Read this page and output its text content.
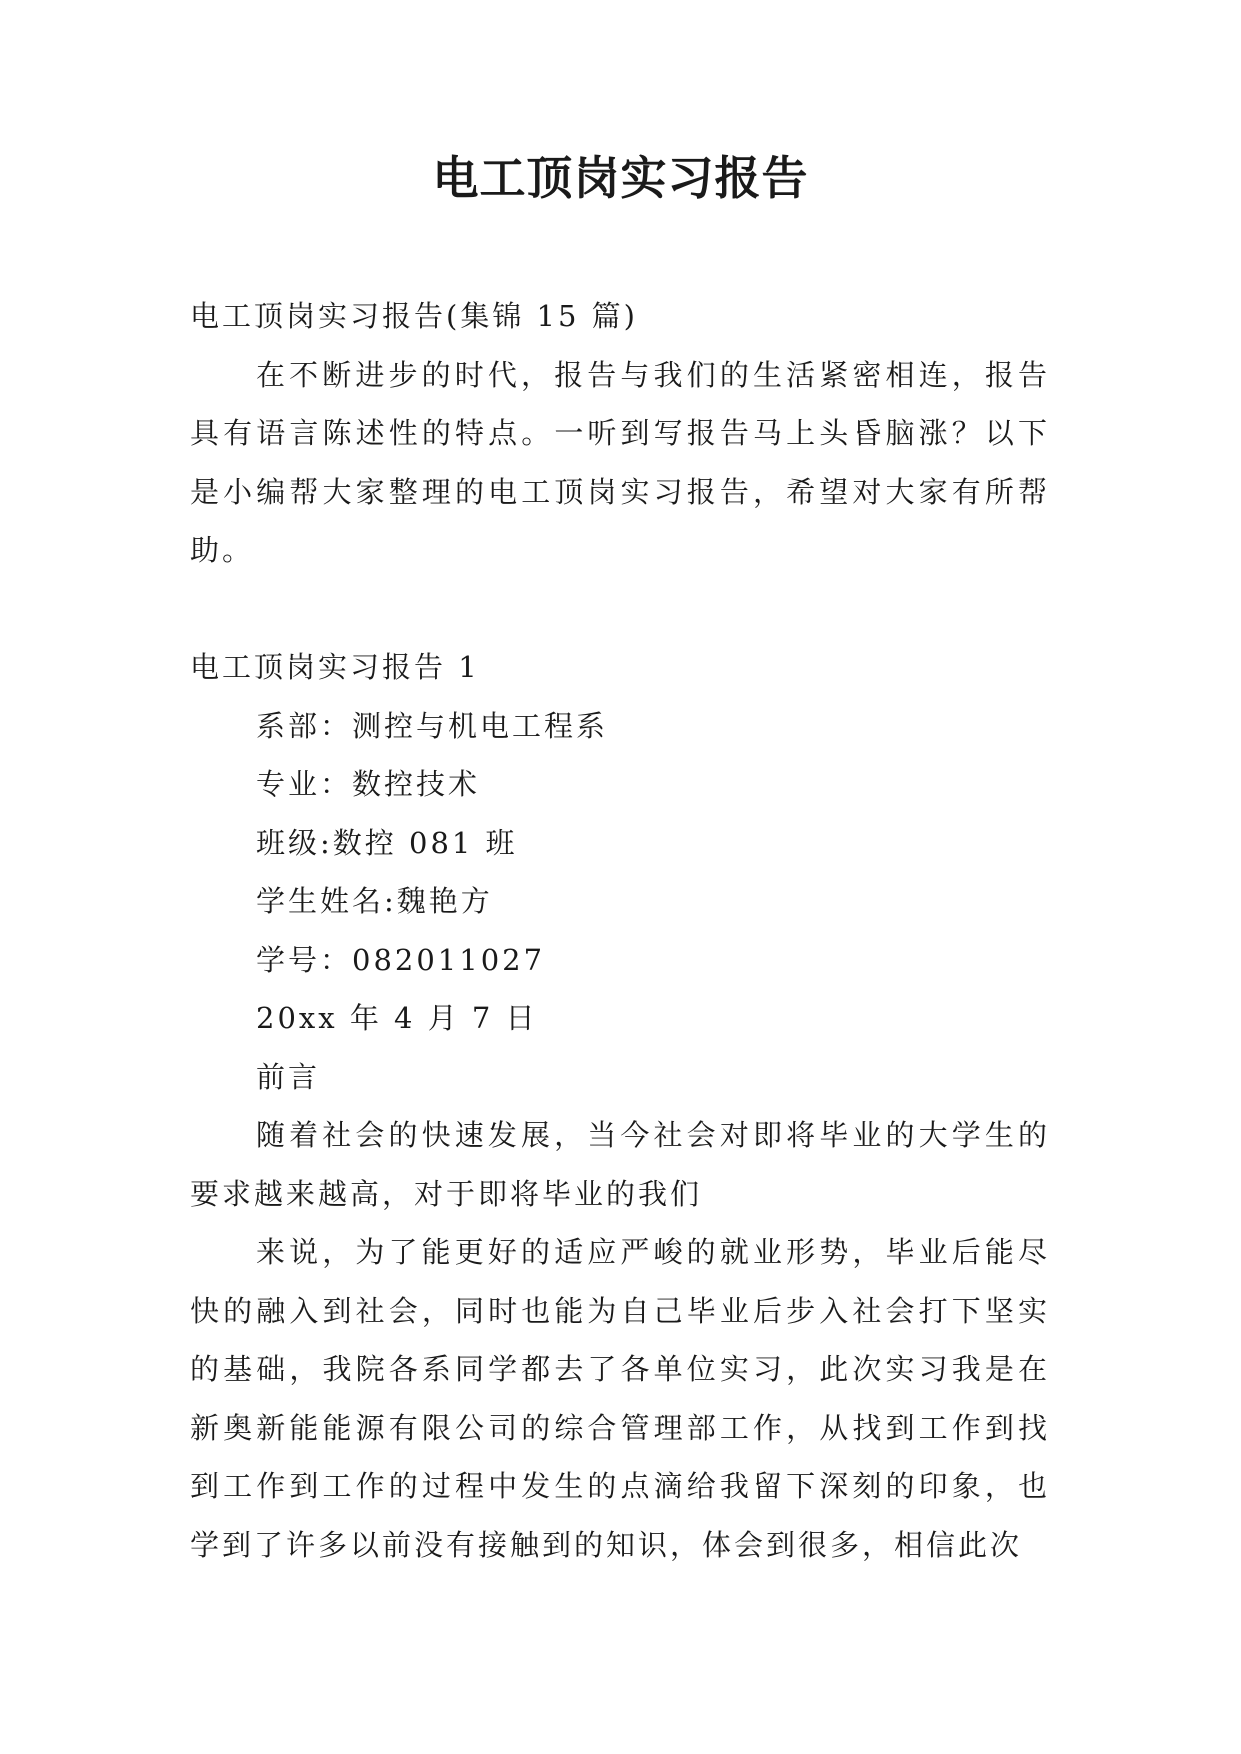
电工顶岗实习报告

电工顶岗实习报告(集锦 15 篇)

在不断进步的时代，报告与我们的生活紧密相连，报告具有语言陈述性的特点。一听到写报告马上头昏脑涨？以下是小编帮大家整理的电工顶岗实习报告，希望对大家有所帮助。

电工顶岗实习报告 1

系部：测控与机电工程系

专业：数控技术

班级:数控 081 班

学生姓名:魏艳方

学号：082011027

20xx 年 4 月 7 日

前言

随着社会的快速发展，当今社会对即将毕业的大学生的要求越来越高，对于即将毕业的我们

来说，为了能更好的适应严峻的就业形势，毕业后能尽快的融入到社会，同时也能为自己毕业后步入社会打下坚实的基础，我院各系同学都去了各单位实习，此次实习我是在新奥新能能源有限公司的综合管理部工作，从找到工作到找到工作到工作的过程中发生的点滴给我留下深刻的印象，也学到了许多以前没有接触到的知识，体会到很多，相信此次
